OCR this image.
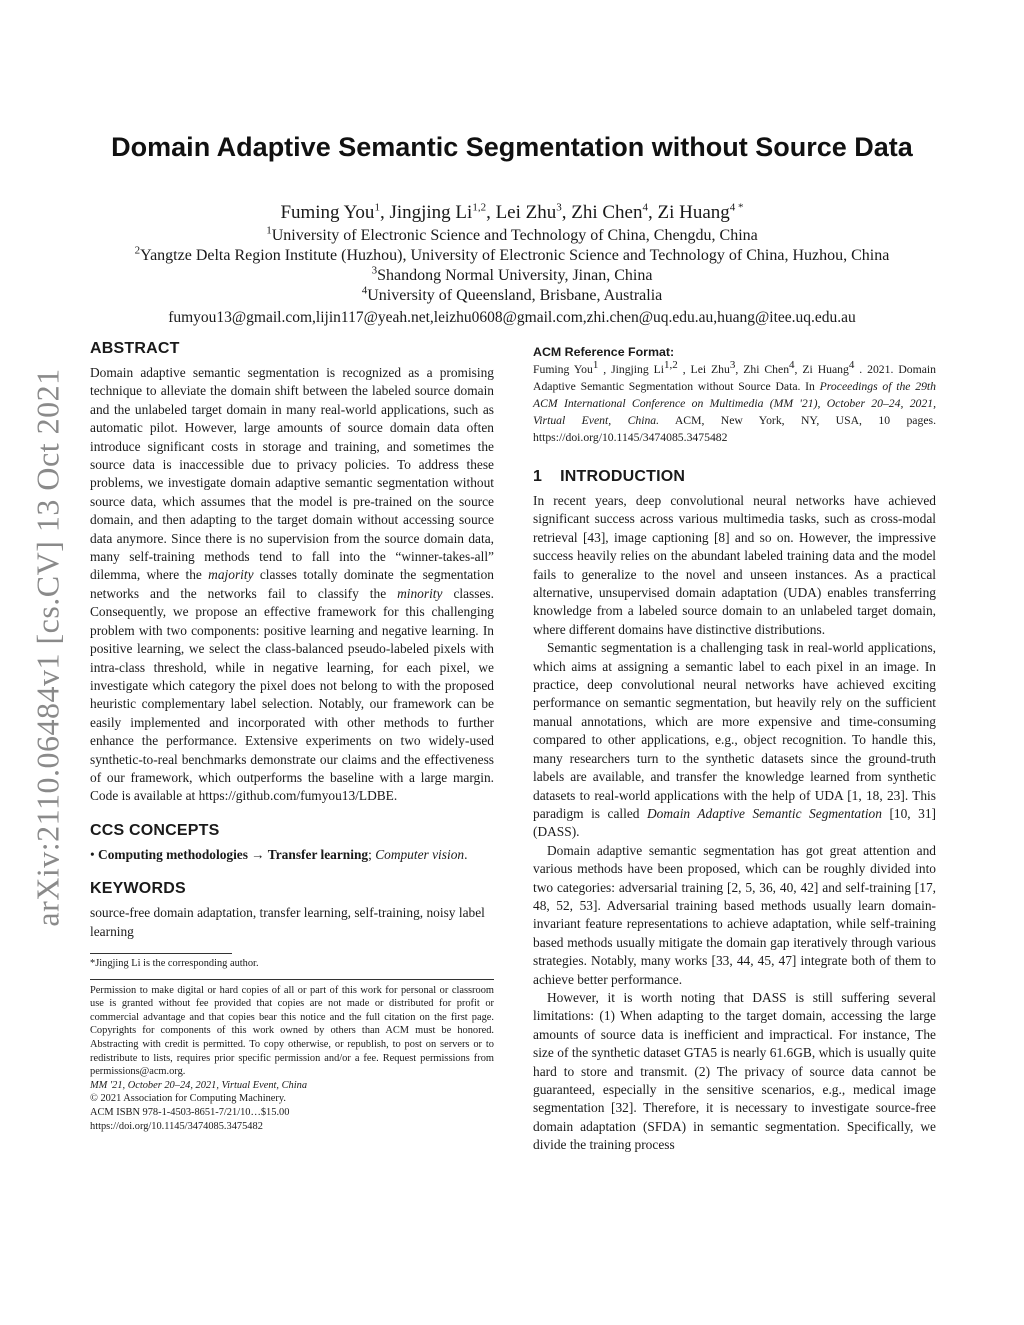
arXiv:2110.06484v1 [cs.CV] 13 Oct 2021
Domain Adaptive Semantic Segmentation without Source Data
Fuming You$^1$, Jingjing Li$^{1,2}$, Lei Zhu$^3$, Zhi Chen$^4$, Zi Huang$^{4 *}$
$^1$University of Electronic Science and Technology of China, Chengdu, China
$^2$Yangtze Delta Region Institute (Huzhou), University of Electronic Science and Technology of China, Huzhou, China
$^3$Shandong Normal University, Jinan, China
$^4$University of Queensland, Brisbane, Australia
fumyou13@gmail.com,lijin117@yeah.net,leizhu0608@gmail.com,zhi.chen@uq.edu.au,huang@itee.uq.edu.au
ABSTRACT

Domain adaptive semantic segmentation is recognized as a promising technique to alleviate the domain shift between the labeled source domain and the unlabeled target domain in many real-world applications, such as automatic pilot. However, large amounts of source domain data often introduce significant costs in storage and training, and sometimes the source data is inaccessible due to privacy policies. To address these problems, we investigate domain adaptive semantic segmentation without source data, which assumes that the model is pre-trained on the source domain, and then adapting to the target domain without accessing source data anymore. Since there is no supervision from the source domain data, many self-training methods tend to fall into the “winner-takes-all” dilemma, where the majority classes totally dominate the segmentation networks and the networks fail to classify the minority classes. Consequently, we propose an effective framework for this challenging problem with two components: positive learning and negative learning. In positive learning, we select the class-balanced pseudo-labeled pixels with intra-class threshold, while in negative learning, for each pixel, we investigate which category the pixel does not belong to with the proposed heuristic complementary label selection. Notably, our framework can be easily implemented and incorporated with other methods to further enhance the performance. Extensive experiments on two widely-used synthetic-to-real benchmarks demonstrate our claims and the effectiveness of our framework, which outperforms the baseline with a large margin. Code is available at https://github.com/fumyou13/LDBE.

CCS CONCEPTS

• Computing methodologies → Transfer learning; Computer vision.

KEYWORDS

source-free domain adaptation, transfer learning, self-training, noisy label learning

*Jingjing Li is the corresponding author.

Permission to make digital or hard copies of all or part of this work for personal or classroom use is granted without fee provided that copies are not made or distributed for profit or commercial advantage and that copies bear this notice and the full citation on the first page. Copyrights for components of this work owned by others than ACM must be honored. Abstracting with credit is permitted. To copy otherwise, or republish, to post on servers or to redistribute to lists, requires prior specific permission and/or a fee. Request permissions from permissions@acm.org.

MM '21, October 20–24, 2021, Virtual Event, China

© 2021 Association for Computing Machinery.

ACM ISBN 978-1-4503-8651-7/21/10…$15.00

https://doi.org/10.1145/3474085.3475482

ACM Reference Format:

Fuming You$^1$ , Jingjing Li$^{1,2}$ , Lei Zhu$^3$, Zhi Chen$^4$, Zi Huang$^4$ . 2021. Domain Adaptive Semantic Segmentation without Source Data. In Proceedings of the 29th ACM International Conference on Multimedia (MM '21), October 20–24, 2021, Virtual Event, China. ACM, New York, NY, USA, 10 pages. https://doi.org/10.1145/3474085.3475482

1 INTRODUCTION

In recent years, deep convolutional neural networks have achieved significant success across various multimedia tasks, such as cross-modal retrieval [43], image captioning [8] and so on. However, the impressive success heavily relies on the abundant labeled training data and the model fails to generalize to the novel and unseen instances. As a practical alternative, unsupervised domain adaptation (UDA) enables transferring knowledge from a labeled source domain to an unlabeled target domain, where different domains have distinctive distributions.

Semantic segmentation is a challenging task in real-world applications, which aims at assigning a semantic label to each pixel in an image. In practice, deep convolutional neural networks have achieved exciting performance on semantic segmentation, but heavily rely on the sufficient manual annotations, which are more expensive and time-consuming compared to other applications, e.g., object recognition. To handle this, many researchers turn to the synthetic datasets since the ground-truth labels are available, and transfer the knowledge learned from synthetic datasets to real-world applications with the help of UDA [1, 18, 23]. This paradigm is called Domain Adaptive Semantic Segmentation [10, 31] (DASS).

Domain adaptive semantic segmentation has got great attention and various methods have been proposed, which can be roughly divided into two categories: adversarial training [2, 5, 36, 40, 42] and self-training [17, 48, 52, 53]. Adversarial training based methods usually learn domain-invariant feature representations to achieve adaptation, while self-training based methods usually mitigate the domain gap iteratively through various strategies. Notably, many works [33, 44, 45, 47] integrate both of them to achieve better performance.

However, it is worth noting that DASS is still suffering several limitations: (1) When adapting to the target domain, accessing the large amounts of source data is inefficient and impractical. For instance, The size of the synthetic dataset GTA5 is nearly 61.6GB, which is usually quite hard to store and transmit. (2) The privacy of source data cannot be guaranteed, especially in the sensitive scenarios, e.g., medical image segmentation [32]. Therefore, it is necessary to investigate source-free domain adaptation (SFDA) in semantic segmentation. Specifically, we divide the training process
